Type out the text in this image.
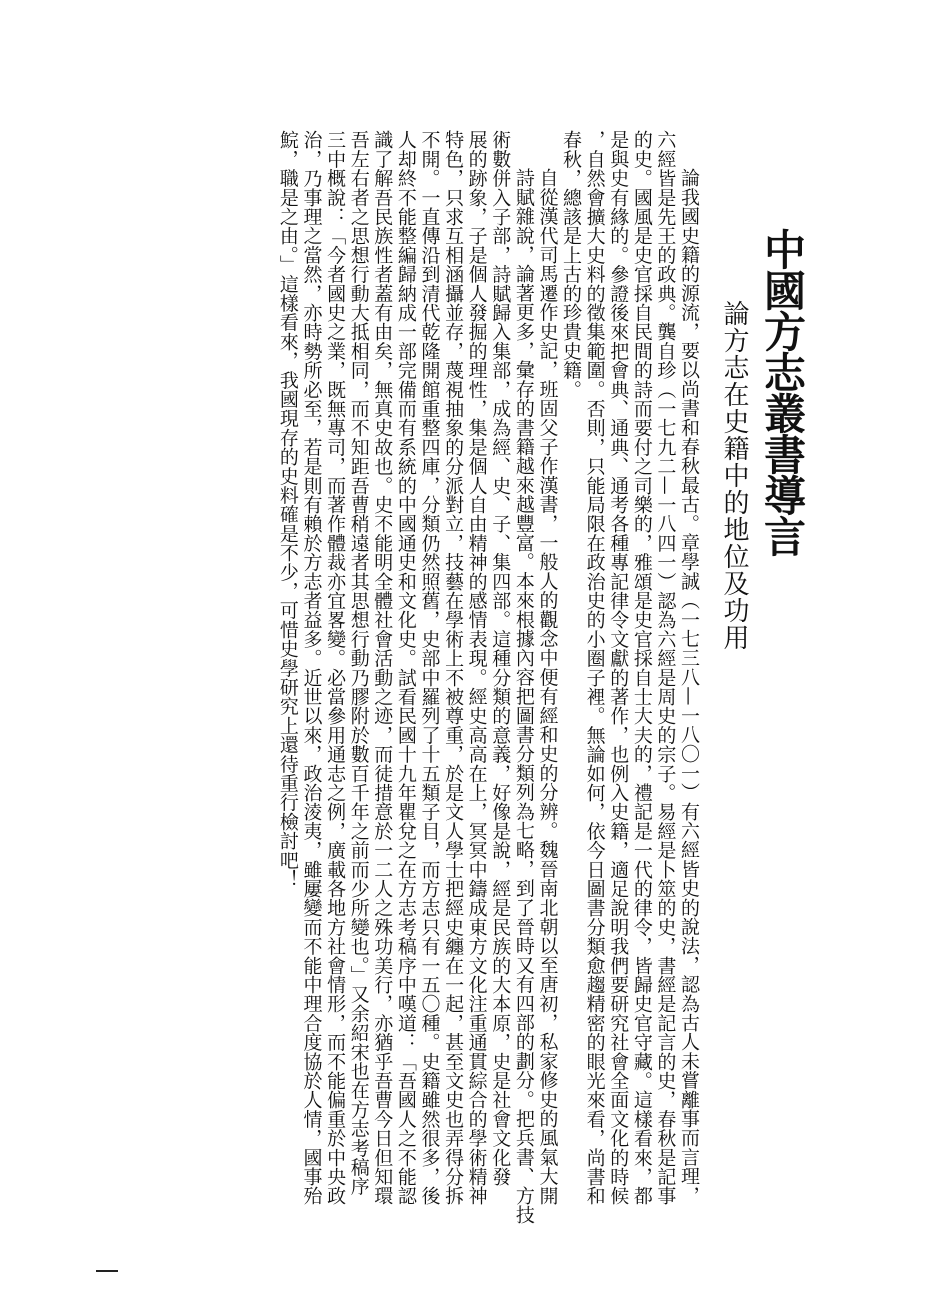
中國方志叢書導言
論方志在史籍中的地位及功用
論我國史籍的源流，要以尚書和春秋最古。章學誠（一七三八—一八〇一）有六經皆史的說法，認為古人未嘗離事而言理，
六經皆是先王的政典。龔自珍（一七九二—一八四一）認為六經是周史的宗子。易經是卜筮的史，書經是記言的史，春秋是記事
的史。國風是史官採自民間的詩而要付之司樂的，雅頌是史官採自士大夫的，禮記是一代的律令，皆歸史官守藏。這樣看來，都
是與史有緣的。參證後來把會典、通典、通考各種專記律令文獻的著作，也例入史籍，適足說明我們要研究社會全面文化的時候
，自然會擴大史料的徵集範圍。否則，只能局限在政治史的小圈子裡。無論如何，依今日圖書分類愈趨精密的眼光來看，尚書和
春秋，總該是上古的珍貴史籍。
自從漢代司馬遷作史記，班固父子作漢書，一般人的觀念中便有經和史的分辨。魏晉南北朝以至唐初，私家修史的風氣大開
詩賦雜說，論著更多，彙存的書籍越來越豐富。本來根據內容把圖書分類列為七略，到了晉時又有四部的劃分。把兵書、方技
術數併入子部，詩賦歸入集部，成為經、史、子、集四部。這種分類的意義，好像是說，經是民族的大本原，史是社會文化發
展的跡象，子是個人發掘的理性，集是個人自由精神的感情表現。經史高高在上，冥冥中鑄成東方文化注重通貫綜合的學術精神
特色，只求互相涵攝並存，蔑視抽象的分派對立，技藝在學術上不被尊重，於是文人學士把經史纏在一起，甚至文史也弄得分拆
不開。一直傳沿到清代乾隆開館重整四庫，分類仍然照舊，史部中羅列了十五類子目，而方志只有一五〇種。史籍雖然很多，後
人却終不能整編歸納成一部完備而有系統的中國通史和文化史。試看民國十九年瞿兌之在方志考稿序中嘆道：「吾國人之不能認
識了解吾民族性者蓋有由矣，無真史故也。史不能明全體社會活動之迹，而徒措意於一二人之殊功美行，亦猶乎吾曹今日但知環
吾左右者之思想行動大抵相同，而不知距吾曹稍遠者其思想行動乃膠附於數百千年之前而少所變也。」又余紹宋也在方志考稿序
三中概說：「今者國史之業，既無專司，而著作體裁亦宜畧變。必當參用通志之例，廣載各地方社會情形，而不能偏重於中央政
治，乃事理之當然，亦時勢所必至，若是則有賴於方志者益多。近世以來，政治淩夷，雖屢變而不能中理合度協於人情，國事殆
鯇，職是之由。」這樣看來，我國現存的史料確是不少，可惜史學研究上還待重行檢討吧！
